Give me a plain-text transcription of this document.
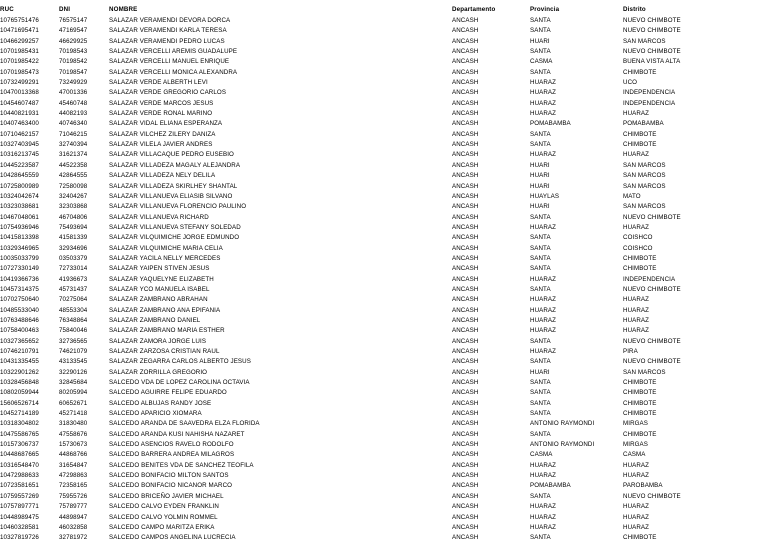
RUC	DNI	NOMBRE	Departamento	Provincia	Distrito
10765751476	76575147	SALAZAR VERAMENDI DEVORA DORCA	ANCASH	SANTA	NUEVO CHIMBOTE
10471695471	47169547	SALAZAR VERAMENDI KARLA TERESA	ANCASH	SANTA	NUEVO CHIMBOTE
10466299257	46629925	SALAZAR VERAMENDI PEDRO LUCAS	ANCASH	HUARI	SAN MARCOS
10701985431	70198543	SALAZAR VERCELLI AREMIS GUADALUPE	ANCASH	SANTA	NUEVO CHIMBOTE
10701985422	70198542	SALAZAR VERCELLI MANUEL ENRIQUE	ANCASH	CASMA	BUENA VISTA ALTA
10701985473	70198547	SALAZAR VERCELLI MONICA ALEXANDRA	ANCASH	SANTA	CHIMBOTE
10732499291	73249929	SALAZAR VERDE ALBERTH LEVI	ANCASH	HUARAZ	UCO
10470013368	47001336	SALAZAR VERDE GREGORIO CARLOS	ANCASH	HUARAZ	INDEPENDENCIA
10454607487	45460748	SALAZAR VERDE MARCOS JESUS	ANCASH	HUARAZ	INDEPENDENCIA
10440821931	44082193	SALAZAR VERDE RONAL MARINO	ANCASH	HUARAZ	HUARAZ
10407463400	40746340	SALAZAR VIDAL ELIANA ESPERANZA	ANCASH	POMABAMBA	POMABAMBA
10710462157	71046215	SALAZAR VILCHEZ ZILERY DANIZA	ANCASH	SANTA	CHIMBOTE
10327403945	32740394	SALAZAR VILELA JAVIER ANDRES	ANCASH	SANTA	CHIMBOTE
10316213745	31621374	SALAZAR VILLACAQUE PEDRO EUSEBIO	ANCASH	HUARAZ	HUARAZ
10445223587	44522358	SALAZAR VILLADEZA MAGALY ALEJANDRA	ANCASH	HUARI	SAN MARCOS
10428645559	42864555	SALAZAR VILLADEZA NELY DELILA	ANCASH	HUARI	SAN MARCOS
10725800989	72580098	SALAZAR VILLADEZA SKIRLHEY SHANTAL	ANCASH	HUARI	SAN MARCOS
10324042674	32404267	SALAZAR VILLANUEVA ELIASIB SILVANO	ANCASH	HUAYLAS	MATO
10323038681	32303868	SALAZAR VILLANUEVA FLORENCIO PAULINO	ANCASH	HUARI	SAN MARCOS
10467048061	46704806	SALAZAR VILLANUEVA RICHARD	ANCASH	SANTA	NUEVO CHIMBOTE
10754936946	75493694	SALAZAR VILLANUEVA STEFANY SOLEDAD	ANCASH	HUARAZ	HUARAZ
10415813398	41581339	SALAZAR VILQUIMICHE JORGE EDMUNDO	ANCASH	SANTA	COISHCO
10329346965	32934696	SALAZAR VILQUIMICHE MARIA CELIA	ANCASH	SANTA	COISHCO
10035033799	03503379	SALAZAR YACILA NELLY MERCEDES	ANCASH	SANTA	CHIMBOTE
10727330149	72733014	SALAZAR YAIPEN STIVEN JESUS	ANCASH	SANTA	CHIMBOTE
10419366736	41936673	SALAZAR YAQUELYNE ELIZABETH	ANCASH	HUARAZ	INDEPENDENCIA
10457314375	45731437	SALAZAR YCO MANUELA ISABEL	ANCASH	SANTA	NUEVO CHIMBOTE
10702750640	70275064	SALAZAR ZAMBRANO ABRAHAN	ANCASH	HUARAZ	HUARAZ
10485533040	48553304	SALAZAR ZAMBRANO ANA EPIFANIA	ANCASH	HUARAZ	HUARAZ
10763488646	76348864	SALAZAR ZAMBRANO DANIEL	ANCASH	HUARAZ	HUARAZ
10758400463	75840046	SALAZAR ZAMBRANO MARIA ESTHER	ANCASH	HUARAZ	HUARAZ
10327365652	32736565	SALAZAR ZAMORA JORGE LUIS	ANCASH	SANTA	NUEVO CHIMBOTE
10746210791	74621079	SALAZAR ZARZOSA CRISTIAN RAUL	ANCASH	HUARAZ	PIRA
10431335455	43133545	SALAZAR ZEGARRA CARLOS ALBERTO JESUS	ANCASH	SANTA	NUEVO CHIMBOTE
10322901262	32290126	SALAZAR ZORRILLA GREGORIO	ANCASH	HUARI	SAN MARCOS
10328456848	32845684	SALCEDO VDA DE LOPEZ CAROLINA OCTAVIA	ANCASH	SANTA	CHIMBOTE
10802059944	80205994	SALCEDO AGUIRRE FELIPE EDUARDO	ANCASH	SANTA	CHIMBOTE
15606526714	60652671	SALCEDO ALBUJAS RANDY JOSE	ANCASH	SANTA	CHIMBOTE
10452714189	45271418	SALCEDO APARICIO XIOMARA	ANCASH	SANTA	CHIMBOTE
10318304802	31830480	SALCEDO ARANDA DE SAAVEDRA ELZA FLORIDA	ANCASH	ANTONIO RAYMONDI	MIRGAS
10475586765	47558676	SALCEDO ARANDA KUSI NAHISHA NAZARET	ANCASH	SANTA	CHIMBOTE
10157306737	15730673	SALCEDO ASENCIOS RAVELO RODOLFO	ANCASH	ANTONIO RAYMONDI	MIRGAS
10448687665	44868766	SALCEDO BARRERA ANDREA MILAGROS	ANCASH	CASMA	CASMA
10316548470	31654847	SALCEDO BENITES VDA DE SANCHEZ TEOFILA	ANCASH	HUARAZ	HUARAZ
10472988633	47298863	SALCEDO BONIFACIO MILTON SANTOS	ANCASH	HUARAZ	HUARAZ
10723581651	72358165	SALCEDO BONIFACIO NICANOR MARCO	ANCASH	POMABAMBA	PAROBAMBA
10759557269	75955726	SALCEDO BRICEÑO JAVIER MICHAEL	ANCASH	SANTA	NUEVO CHIMBOTE
10757897771	75789777	SALCEDO CALVO EYDEN FRANKLIN	ANCASH	HUARAZ	HUARAZ
10448989475	44898947	SALCEDO CALVO YOLMIN ROMMEL	ANCASH	HUARAZ	HUARAZ
10460328581	46032858	SALCEDO CAMPO MARITZA ERIKA	ANCASH	HUARAZ	HUARAZ
10327819726	32781972	SALCEDO CAMPOS ANGELINA LUCRECIA	ANCASH	SANTA	CHIMBOTE
